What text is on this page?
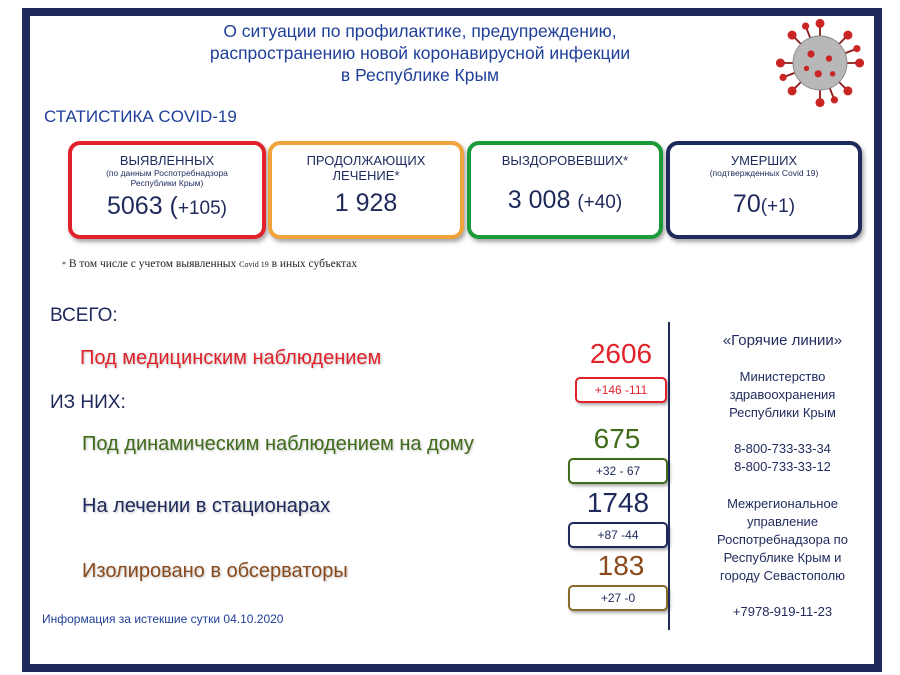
О ситуации по профилактике, предупреждению,
распространению новой коронавирусной инфекции
в Республике Крым
СТАТИСТИКА COVID-19
ВЫЯВЛЕННЫХ
(по данным Роспотребнадзора
Республики Крым)
5063 (+105)
ПРОДОЛЖАЮЩИХ
ЛЕЧЕНИЕ*
1 928
ВЫЗДОРОВЕВШИХ*
3 008 (+40)
УМЕРШИХ
(подтвержденных Covid 19)
70(+1)
* В том числе с учетом выявленных Covid 19 в иных субъектах
ВСЕГО:
ИЗ НИХ:
Под медицинским наблюдением	2606
+146 -111
Под динамическим наблюдением на дому	675
+32 - 67
На лечении в стационарах	1748
+87 -44
Изолировано в обсерваторы	183
+27 -0
«Горячие линии»
Министерство
здравоохранения
Республики Крым
8-800-733-33-34
8-800-733-33-12
Межрегиональное
управление
Роспотребнадзора по
Республике Крым и
городу Севастополю
+7978-919-11-23
Информация за истекшие сутки 04.10.2020
